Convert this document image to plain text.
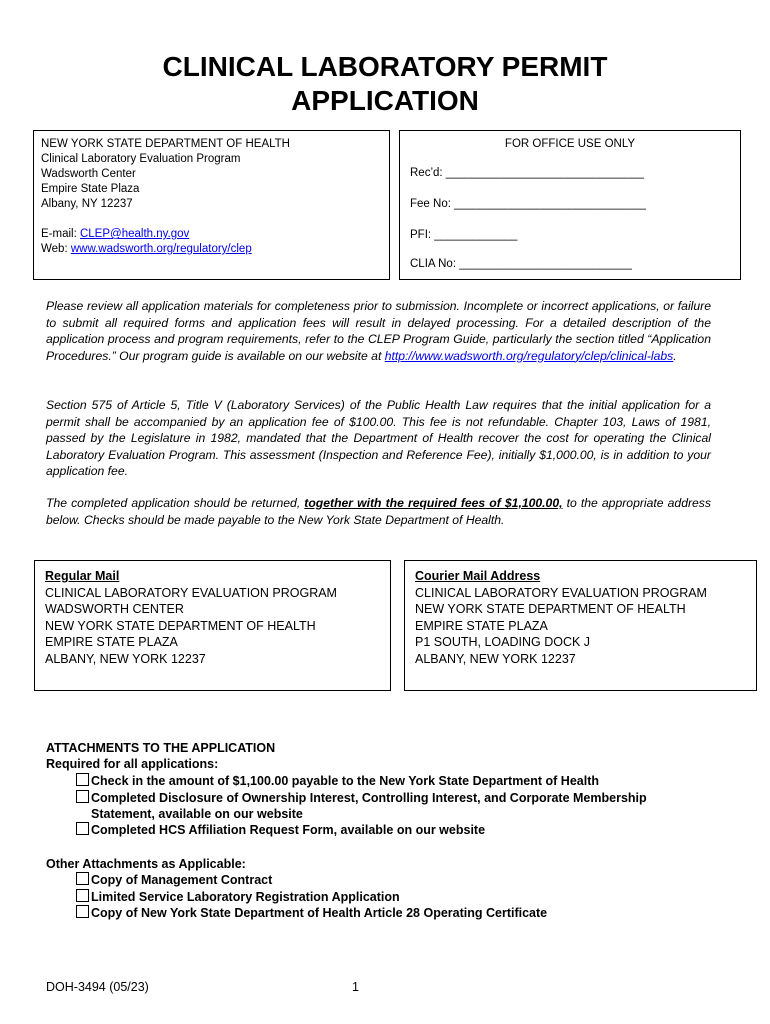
CLINICAL LABORATORY PERMIT
APPLICATION
NEW YORK STATE DEPARTMENT OF HEALTH
Clinical Laboratory Evaluation Program
Wadsworth Center
Empire State Plaza
Albany, NY 12237
E-mail: CLEP@health.ny.gov
Web: www.wadsworth.org/regulatory/clep
FOR OFFICE USE ONLY
Rec’d: _______________________________
Fee No: ______________________________
PFI: _____________
CLIA No: ___________________________
Please review all application materials for completeness prior to submission. Incomplete or incorrect applications, or failure to submit all required forms and application fees will result in delayed processing. For a detailed description of the application process and program requirements, refer to the CLEP Program Guide, particularly the section titled “Application Procedures.” Our program guide is available on our website at http://www.wadsworth.org/regulatory/clep/clinical-labs.
Section 575 of Article 5, Title V (Laboratory Services) of the Public Health Law requires that the initial application for a permit shall be accompanied by an application fee of $100.00. This fee is not refundable. Chapter 103, Laws of 1981, passed by the Legislature in 1982, mandated that the Department of Health recover the cost for operating the Clinical Laboratory Evaluation Program. This assessment (Inspection and Reference Fee), initially $1,000.00, is in addition to your application fee.
The completed application should be returned, together with the required fees of $1,100.00, to the appropriate address below. Checks should be made payable to the New York State Department of Health.
Regular Mail
CLINICAL LABORATORY EVALUATION PROGRAM
WADSWORTH CENTER
NEW YORK STATE DEPARTMENT OF HEALTH
EMPIRE STATE PLAZA
ALBANY, NEW YORK 12237
Courier Mail Address
CLINICAL LABORATORY EVALUATION PROGRAM
NEW YORK STATE DEPARTMENT OF HEALTH
EMPIRE STATE PLAZA
P1 SOUTH, LOADING DOCK J
ALBANY, NEW YORK 12237
ATTACHMENTS TO THE APPLICATION
Required for all applications:
Check in the amount of $1,100.00 payable to the New York State Department of Health
Completed Disclosure of Ownership Interest, Controlling Interest, and Corporate Membership
Statement, available on our website
Completed HCS Affiliation Request Form, available on our website
Other Attachments as Applicable:
Copy of Management Contract
Limited Service Laboratory Registration Application
Copy of New York State Department of Health Article 28 Operating Certificate
DOH-3494 (05/23)	1
